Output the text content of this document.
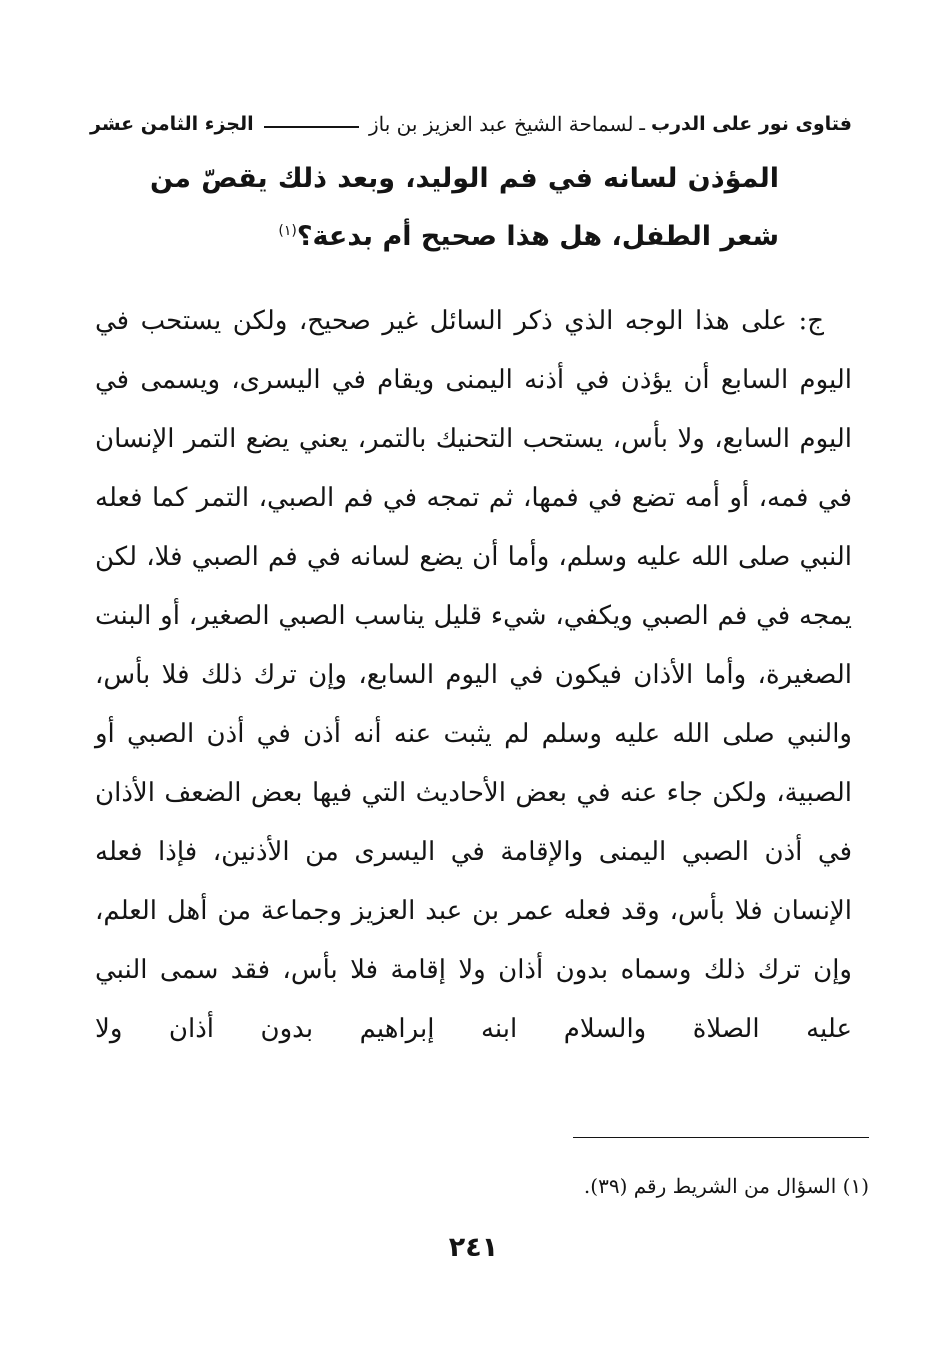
فتاوى نور على الدرب
ـ
لسماحة الشيخ عبد العزيز بن باز
الجزء الثامن عشر
المؤذن لسانه في فم الوليد، وبعد ذلك يقصّ من شعر الطفل، هل هذا صحيح أم بدعة؟$^{(١)}$
ج: على هذا الوجه الذي ذكر السائل غير صحيح، ولكن يستحب في اليوم السابع أن يؤذن في أذنه اليمنى ويقام في اليسرى، ويسمى في اليوم السابع، ولا بأس، يستحب التحنيك بالتمر، يعني يضع التمر الإنسان في فمه، أو أمه تضع في فمها، ثم تمجه في فم الصبي، التمر كما فعله النبي صلى الله عليه وسلم، وأما أن يضع لسانه في فم الصبي فلا، لكن يمجه في فم الصبي ويكفي، شيء قليل يناسب الصبي الصغير، أو البنت الصغيرة، وأما الأذان فيكون في اليوم السابع، وإن ترك ذلك فلا بأس، والنبي صلى الله عليه وسلم لم يثبت عنه أنه أذن في أذن الصبي أو الصبية، ولكن جاء عنه في بعض الأحاديث التي فيها بعض الضعف الأذان في أذن الصبي اليمنى والإقامة في اليسرى من الأذنين، فإذا فعله الإنسان فلا بأس، وقد فعله عمر بن عبد العزيز وجماعة من أهل العلم، وإن ترك ذلك وسماه بدون أذان ولا إقامة فلا بأس، فقد سمى النبي عليه الصلاة والسلام ابنه إبراهيم بدون أذان ولا
(١) السؤال من الشريط رقم (٣٩).
٢٤١
